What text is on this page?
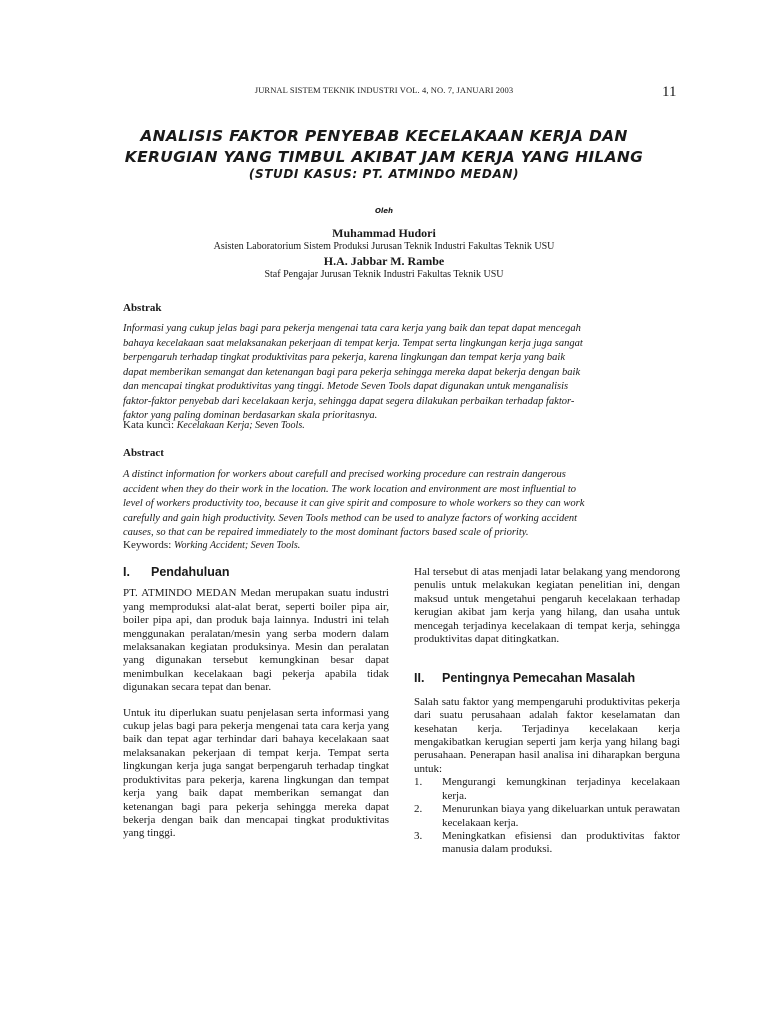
JURNAL SISTEM TEKNIK INDUSTRI VOL. 4, NO. 7, JANUARI 2003	11
ANALISIS FAKTOR PENYEBAB KECELAKAAN KERJA DAN
KERUGIAN YANG TIMBUL AKIBAT JAM KERJA YANG HILANG
(STUDI KASUS: PT. ATMINDO MEDAN)
Oleh
Muhammad Hudori
Asisten Laboratorium Sistem Produksi Jurusan Teknik Industri Fakultas Teknik USU
H.A. Jabbar M. Rambe
Staf Pengajar Jurusan Teknik Industri Fakultas Teknik USU
Abstrak
Informasi yang cukup jelas bagi para pekerja mengenai tata cara kerja yang baik dan tepat dapat mencegah
bahaya kecelakaan saat melaksanakan pekerjaan di tempat kerja. Tempat serta lingkungan kerja juga sangat
berpengaruh terhadap tingkat produktivitas para pekerja, karena lingkungan dan tempat kerja yang baik
dapat memberikan semangat dan ketenangan bagi para pekerja sehingga mereka dapat bekerja dengan baik
dan mencapai tingkat produktivitas yang tinggi. Metode Seven Tools dapat digunakan untuk menganalisis
faktor-faktor penyebab dari kecelakaan kerja, sehingga dapat segera dilakukan perbaikan terhadap faktor-
faktor yang paling dominan berdasarkan skala prioritasnya.
Kata kunci: Kecelakaan Kerja; Seven Tools.
Abstract
A distinct information for workers about carefull and precised working procedure can restrain dangerous
accident when they do their work in the location. The work location and environment are most influential to
level of workers productivity too, because it can give spirit and composure to whole workers so they can work
carefully and gain high productivity. Seven Tools method can be used to analyze factors of working accident
causes, so that can be repaired immediately to the most dominant factors based scale of priority.
Keywords: Working Accident; Seven Tools.
I. Pendahuluan

PT. ATMINDO MEDAN Medan merupakan suatu industri yang memproduksi alat-alat berat, seperti boiler pipa air, boiler pipa api, dan produk baja lainnya. Industri ini telah menggunakan peralatan/mesin yang serba modern dalam melaksanakan kegiatan produksinya. Mesin dan peralatan yang digunakan tersebut kemungkinan besar dapat menimbulkan kecelakaan bagi pekerja apabila tidak digunakan secara tepat dan benar.

Untuk itu diperlukan suatu penjelasan serta informasi yang cukup jelas bagi para pekerja mengenai tata cara kerja yang baik dan tepat agar terhindar dari bahaya kecelakaan saat melaksanakan pekerjaan di tempat kerja. Tempat serta lingkungan kerja juga sangat berpengaruh terhadap tingkat produktivitas para pekerja, karena lingkungan dan tempat kerja yang baik dapat memberikan semangat dan ketenangan bagi para pekerja sehingga mereka dapat bekerja dengan baik dan mencapai tingkat produktivitas yang tinggi.

Hal tersebut di atas menjadi latar belakang yang mendorong penulis untuk melakukan kegiatan penelitian ini, dengan maksud untuk mengetahui pengaruh kecelakaan terhadap kerugian akibat jam kerja yang hilang, dan usaha untuk mencegah terjadinya kecelakaan di tempat kerja, sehingga produktivitas dapat ditingkatkan.

II. Pentingnya Pemecahan Masalah

Salah satu faktor yang mempengaruhi produktivitas pekerja dari suatu perusahaan adalah faktor keselamatan dan kesehatan kerja. Terjadinya kecelakaan kerja mengakibatkan kerugian seperti jam kerja yang hilang bagi perusahaan. Penerapan hasil analisa ini diharapkan berguna untuk:

1.	Mengurangi kemungkinan terjadinya kecelakaan kerja.
2.	Menurunkan biaya yang dikeluarkan untuk perawatan kecelakaan kerja.
3.	Meningkatkan efisiensi dan produktivitas faktor manusia dalam produksi.
